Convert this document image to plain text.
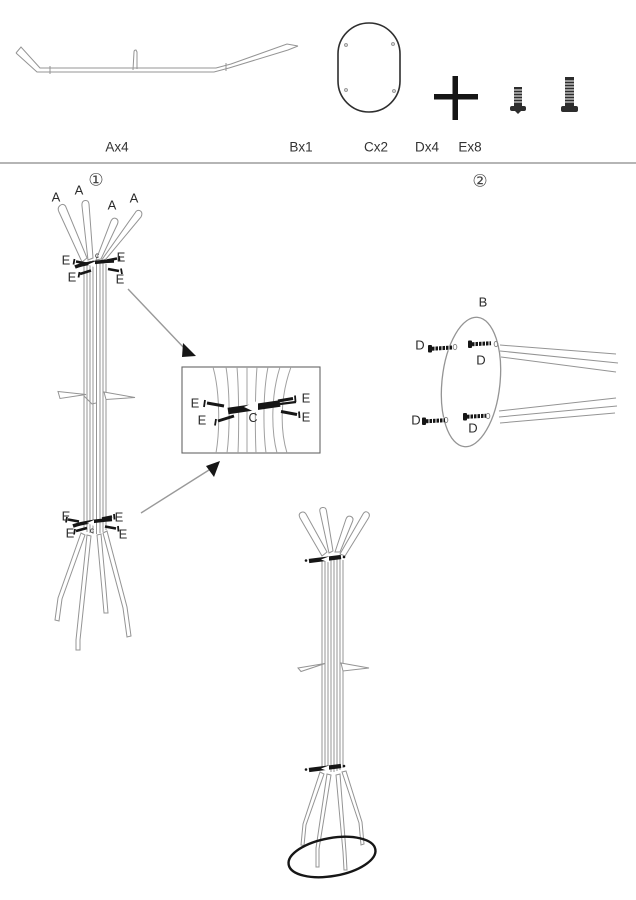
Ax4	Bx1	Cx2 Dx4 Ex8
①	②
A A
A A
E
E
E
E
c
E
E
E
E
c
E
E
E
E
C
B
D
D
D
D
